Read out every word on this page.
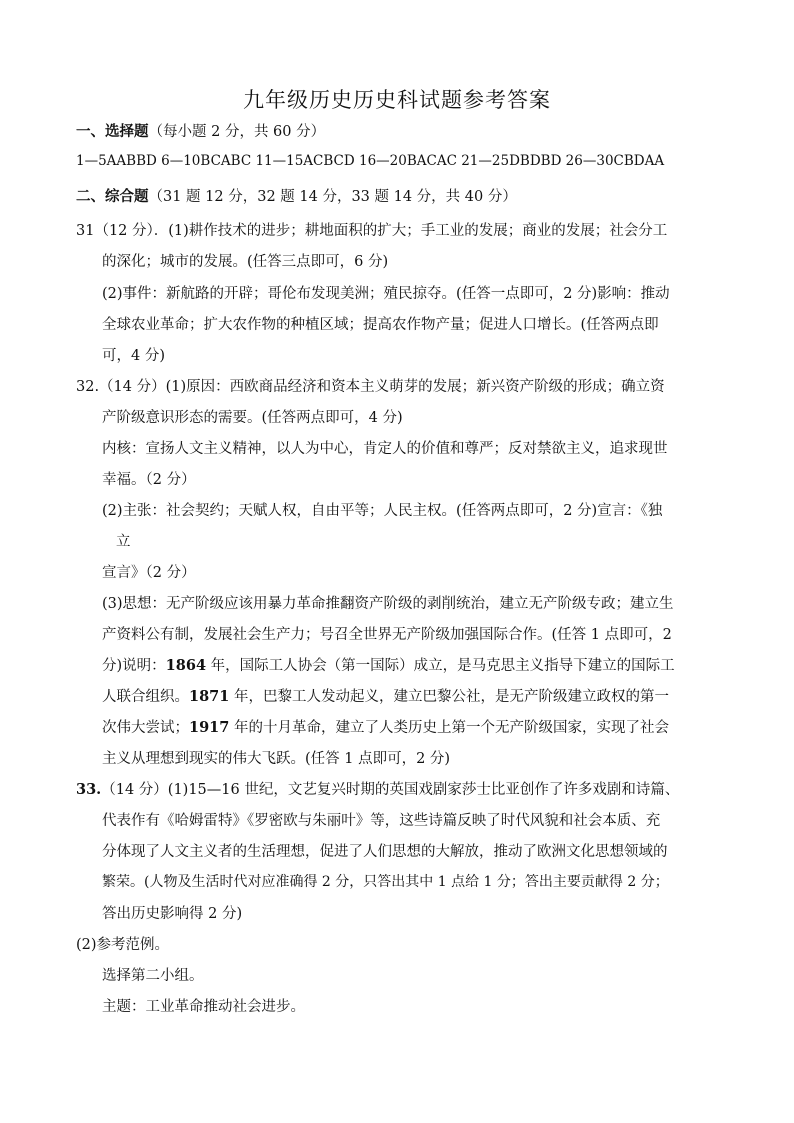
九年级历史历史科试题参考答案
一、选择题（每小题 2 分，共 60 分）
1—5AABBD 6—10BCABC 11—15ACBCD 16—20BACAC 21—25DBDBD 26—30CBDAA
二、综合题（31 题 12 分，32 题 14 分，33 题 14 分，共 40 分）
31（12 分）．(1)耕作技术的进步；耕地面积的扩大；手工业的发展；商业的发展；社会分工
的深化；城市的发展。(任答三点即可，6 分)
(2)事件：新航路的开辟；哥伦布发现美洲；殖民掠夺。(任答一点即可，2 分)影响：推动
全球农业革命；扩大农作物的种植区域；提高农作物产量；促进人口增长。(任答两点即
可，4 分)
32.（14 分）(1)原因：西欧商品经济和资本主义萌芽的发展；新兴资产阶级的形成；确立资
产阶级意识形态的需要。(任答两点即可，4 分)
内核：宣扬人文主义精神，以人为中心，肯定人的价值和尊严；反对禁欲主义，追求现世
幸福。（2 分）
(2)主张：社会契约；天赋人权，自由平等；人民主权。(任答两点即可，2 分)宣言：《独
立
宣言》（2 分）
(3)思想：无产阶级应该用暴力革命推翻资产阶级的剥削统治，建立无产阶级专政；建立生
产资料公有制，发展社会生产力；号召全世界无产阶级加强国际合作。(任答 1 点即可，2
分)说明：1864 年，国际工人协会（第一国际）成立，是马克思主义指导下建立的国际工
人联合组织。1871 年，巴黎工人发动起义，建立巴黎公社，是无产阶级建立政权的第一
次伟大尝试；1917 年的十月革命，建立了人类历史上第一个无产阶级国家，实现了社会
主义从理想到现实的伟大飞跃。(任答 1 点即可，2 分)
33.（14 分）(1)15—16 世纪，文艺复兴时期的英国戏剧家莎士比亚创作了许多戏剧和诗篇、
代表作有《哈姆雷特》《罗密欧与朱丽叶》等，这些诗篇反映了时代风貌和社会本质、充
分体现了人文主义者的生活理想，促进了人们思想的大解放，推动了欧洲文化思想领域的
繁荣。(人物及生活时代对应准确得 2 分，只答出其中 1 点给 1 分；答出主要贡献得 2 分；
答出历史影响得 2 分)
(2)参考范例。
选择第二小组。
主题：工业革命推动社会进步。
